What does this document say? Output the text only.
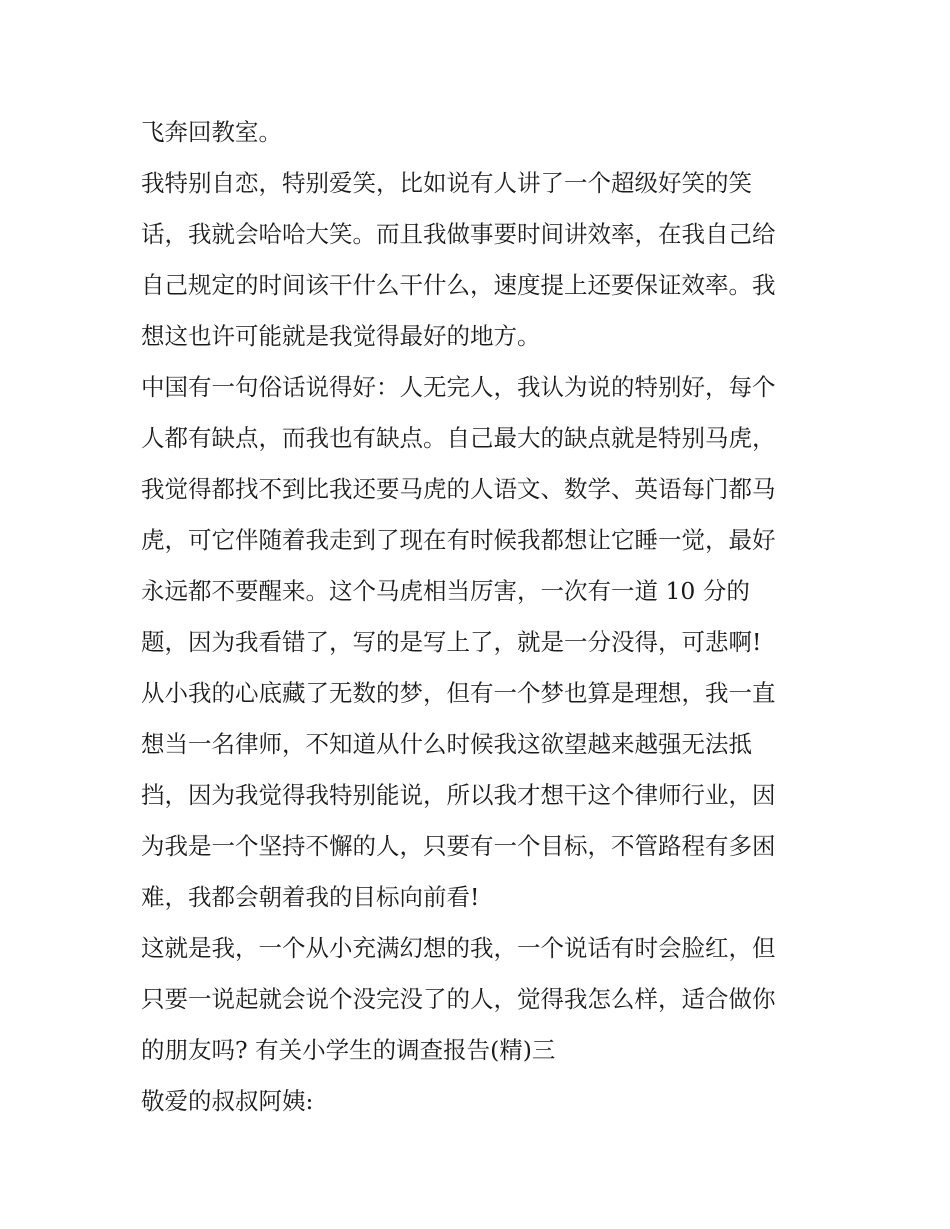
飞奔回教室。
我特别自恋，特别爱笑，比如说有人讲了一个超级好笑的笑
话，我就会哈哈大笑。而且我做事要时间讲效率，在我自己给
自己规定的时间该干什么干什么，速度提上还要保证效率。我
想这也许可能就是我觉得最好的地方。
中国有一句俗话说得好：人无完人，我认为说的特别好，每个
人都有缺点，而我也有缺点。自己最大的缺点就是特别马虎，
我觉得都找不到比我还要马虎的人语文、数学、英语每门都马
虎，可它伴随着我走到了现在有时候我都想让它睡一觉，最好
永远都不要醒来。这个马虎相当厉害，一次有一道 10 分的
题，因为我看错了，写的是写上了，就是一分没得，可悲啊!
从小我的心底藏了无数的梦，但有一个梦也算是理想，我一直
想当一名律师，不知道从什么时候我这欲望越来越强无法抵
挡，因为我觉得我特别能说，所以我才想干这个律师行业，因
为我是一个坚持不懈的人，只要有一个目标，不管路程有多困
难，我都会朝着我的目标向前看!
这就是我，一个从小充满幻想的我，一个说话有时会脸红，但
只要一说起就会说个没完没了的人，觉得我怎么样，适合做你
的朋友吗? 有关小学生的调查报告(精)三
敬爱的叔叔阿姨:
